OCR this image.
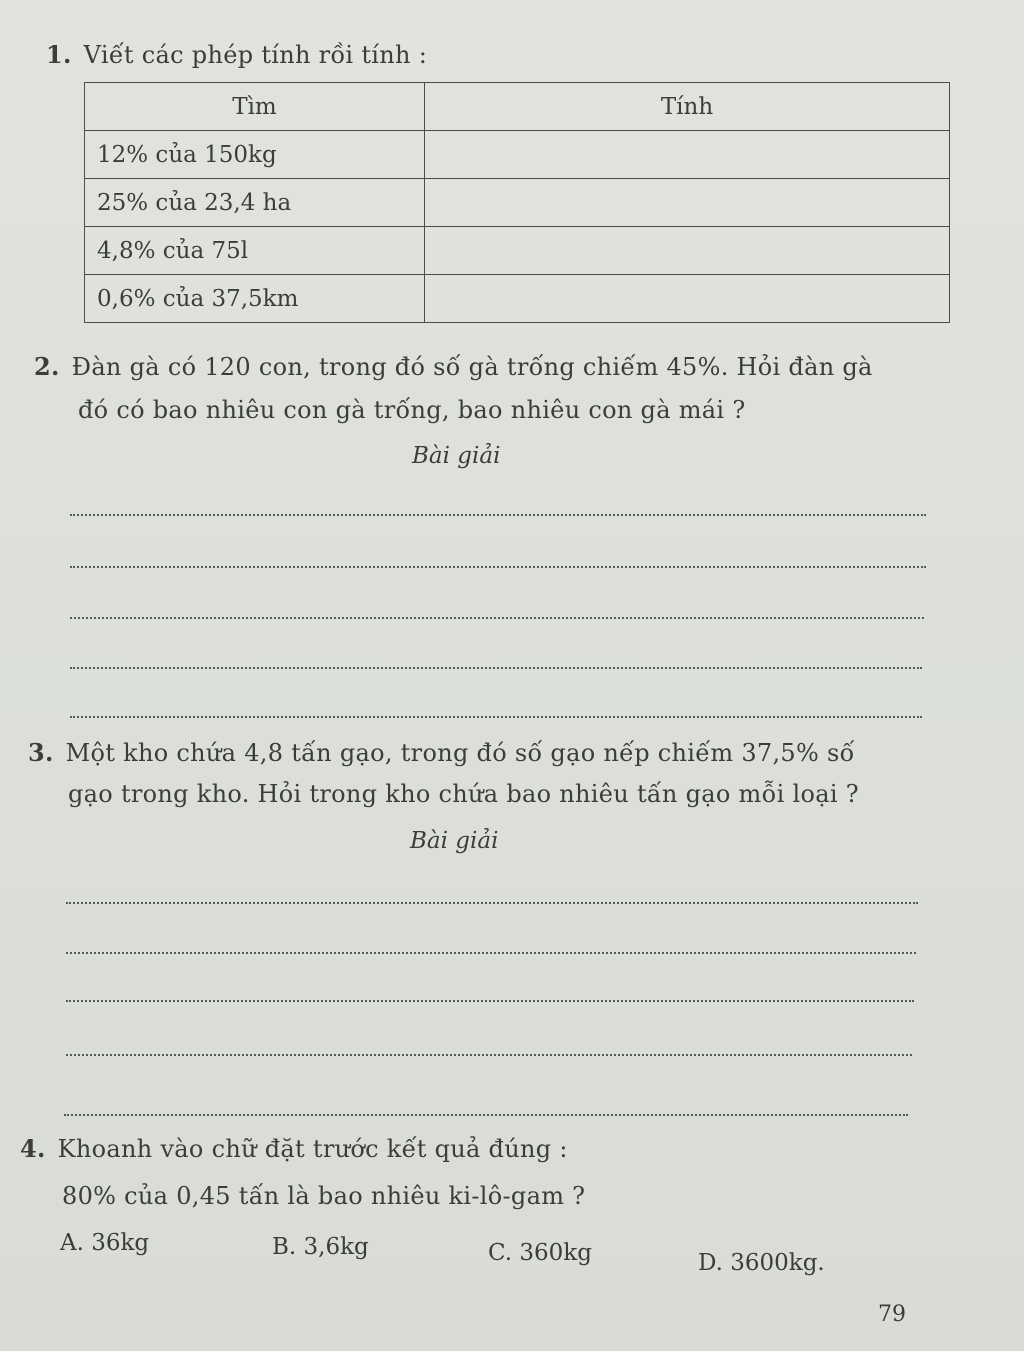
1. Viết các phép tính rồi tính :
Tìm	Tính
12% của 150kg	
25% của 23,4 ha	
4,8% của 75l	
0,6% của 37,5km	
2. Đàn gà có 120 con, trong đó số gà trống chiếm 45%. Hỏi đàn gà
đó có bao nhiêu con gà trống, bao nhiêu con gà mái ?
Bài giải
3. Một kho chứa 4,8 tấn gạo, trong đó số gạo nếp chiếm 37,5% số
gạo trong kho. Hỏi trong kho chứa bao nhiêu tấn gạo mỗi loại ?
Bài giải
4. Khoanh vào chữ đặt trước kết quả đúng :
80% của 0,45 tấn là bao nhiêu ki-lô-gam ?
A. 36kg	B. 3,6kg	C. 360kg	D. 3600kg.
79
